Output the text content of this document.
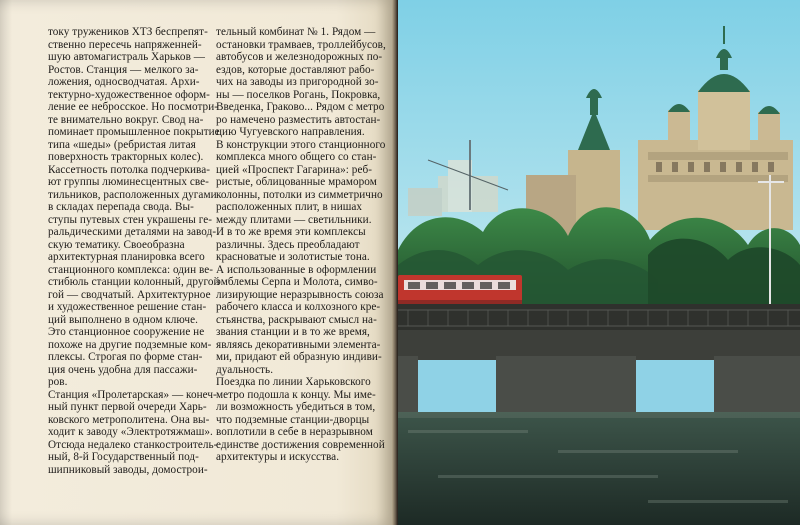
току тружеников ХТЗ беспрепят-
ственно пересечь напряженней-
шую автомагистраль Харьков —
Ростов. Станция — мелкого за-
ложения, односводчатая. Архи-
тектурно-художественное оформ-
ление ее небросское. Но посмотри-
те внимательно вокруг. Свод на-
поминает промышленное покрытие
типа «шеды» (ребристая литая
поверхность тракторных колес).
Кассетность потолка подчеркива-
ют группы люминесцентных све-
тильников, расположенных дугами
в складах перепада свода. Вы-
ступы путевых стен украшены ге-
ральдическими деталями на завод-
скую тематику. Своеобразна
архитектурная планировка всего
станционного комплекса: один ве-
стибюль станции колонный, другой
гой — сводчатый. Архитектурное
и художественное решение стан-
ций выполнено в одном ключе.
Это станционное сооружение не
похоже на другие подземные ком-
плексы. Строгая по форме стан-
ция очень удобна для пассажи-
ров.
Станция «Пролетарская» — конеч-
ный пункт первой очереди Харь-
ковского метрополитена. Она вы-
ходит к заводу «Электротяжмаш».
Отсюда недалеко станкостроитель-
ный, 8-й Государственный под-
шипниковый заводы, домострои-
тельный комбинат № 1. Рядом —
остановки трамваев, троллейбусов,
автобусов и железнодорожных по-
ездов, которые доставляют рабо-
чих на заводы из пригородной зо-
ны — поселков Рогань, Покровка,
Введенка, Граково... Рядом с метро
ро намечено разместить автостан-
цию Чугуевского направления.
В конструкции этого станционного
комплекса много общего со стан-
цией «Проспект Гагарина»: реб-
ристые, облицованные мрамором
колонны, потолки из симметрично
расположенных плит, в нишах
между плитами — светильники.
И в то же время эти комплексы
различны. Здесь преобладают
красноватые и золотистые тона.
А использованные в оформлении
эмблемы Серпа и Молота, симво-
лизирующие неразрывность союза
рабочего класса и колхозного кре-
стьянства, раскрывают смысл на-
звания станции и в то же время,
являясь декоративными элемента-
ми, придают ей образную индиви-
дуальность.
Поездка по линии Харьковского
метро подошла к концу. Мы име-
ли возможность убедиться в том,
что подземные станции-дворцы
воплотили в себе в неразрывном
единстве достижения современной
архитектуры и искусства.
